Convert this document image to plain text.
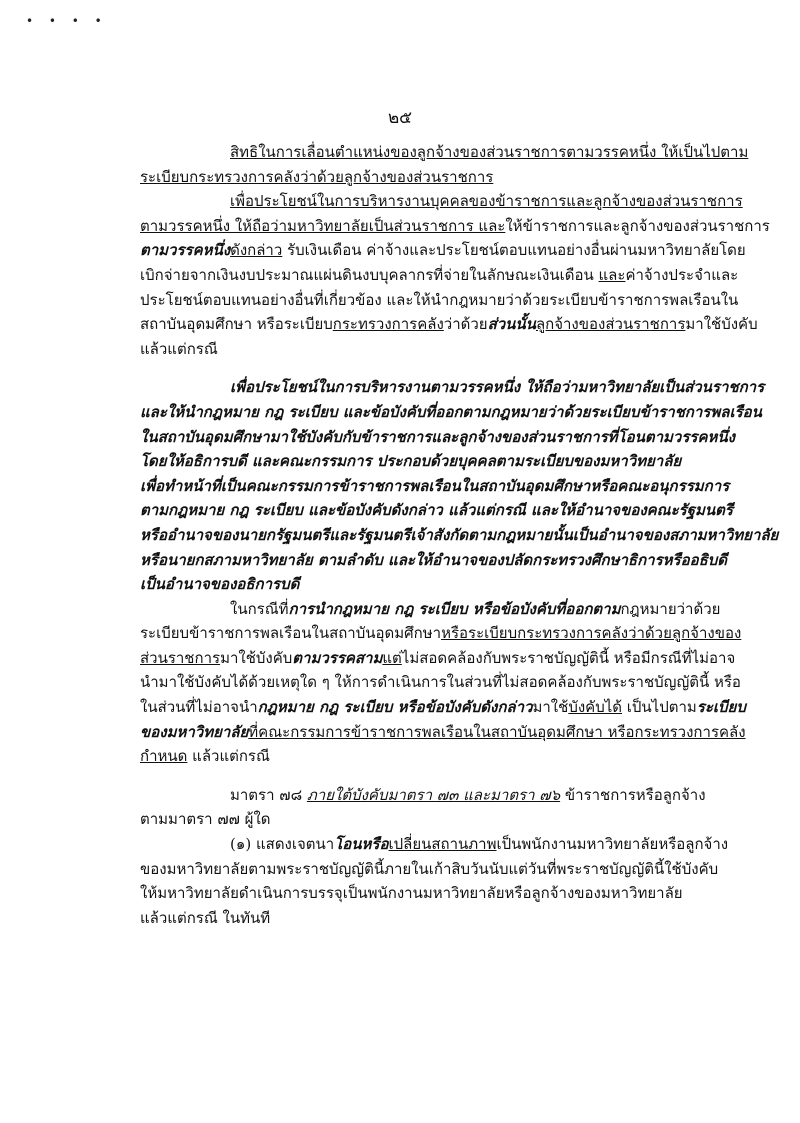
• • • •
๒๕
สิทธิในการเลื่อนตำแหน่งของลูกจ้างของส่วนราชการตามวรรคหนึ่ง ให้เป็นไปตาม
ระเบียบกระทรวงการคลังว่าด้วยลูกจ้างของส่วนราชการ
เพื่อประโยชน์ในการบริหารงานบุคคลของข้าราชการและลูกจ้างของส่วนราชการ
ตามวรรคหนึ่ง ให้ถือว่ามหาวิทยาลัยเป็นส่วนราชการ และให้ข้าราชการและลูกจ้างของส่วนราชการ
ตามวรรคหนึ่งดังกล่าว รับเงินเดือน ค่าจ้างและประโยชน์ตอบแทนอย่างอื่นผ่านมหาวิทยาลัยโดย
เบิกจ่ายจากเงินงบประมาณแผ่นดินงบบุคลากรที่จ่ายในลักษณะเงินเดือน และค่าจ้างประจำและ
ประโยชน์ตอบแทนอย่างอื่นที่เกี่ยวข้อง และให้นำกฎหมายว่าด้วยระเบียบข้าราชการพลเรือนใน
สถาบันอุดมศึกษา หรือระเบียบกระทรวงการคลังว่าด้วยส่วนนั้นลูกจ้างของส่วนราชการมาใช้บังคับ
แล้วแต่กรณี
เพื่อประโยชน์ในการบริหารงานตามวรรคหนึ่ง ให้ถือว่ามหาวิทยาลัยเป็นส่วนราชการ
และให้นำกฎหมาย กฎ ระเบียบ และข้อบังคับที่ออกตามกฎหมายว่าด้วยระเบียบข้าราชการพลเรือน
ในสถาบันอุดมศึกษามาใช้บังคับกับข้าราชการและลูกจ้างของส่วนราชการที่โอนตามวรรคหนึ่ง
โดยให้อธิการบดี และคณะกรรมการ ประกอบด้วยบุคคลตามระเบียบของมหาวิทยาลัย
เพื่อทำหน้าที่เป็นคณะกรรมการข้าราชการพลเรือนในสถาบันอุดมศึกษาหรือคณะอนุกรรมการ
ตามกฎหมาย กฎ ระเบียบ และข้อบังคับดังกล่าว แล้วแต่กรณี และให้อำนาจของคณะรัฐมนตรี
หรืออำนาจของนายกรัฐมนตรีและรัฐมนตรีเจ้าสังกัดตามกฎหมายนั้นเป็นอำนาจของสภามหาวิทยาลัย
หรือนายกสภามหาวิทยาลัย ตามลำดับ และให้อำนาจของปลัดกระทรวงศึกษาธิการหรืออธิบดี
เป็นอำนาจของอธิการบดี
ในกรณีที่การนำกฎหมาย กฎ ระเบียบ หรือข้อบังคับที่ออกตามกฎหมายว่าด้วย
ระเบียบข้าราชการพลเรือนในสถาบันอุดมศึกษาหรือระเบียบกระทรวงการคลังว่าด้วยลูกจ้างของ
ส่วนราชการมาใช้บังคับตามวรรคสามแต่ไม่สอดคล้องกับพระราชบัญญัตินี้ หรือมีกรณีที่ไม่อาจ
นำมาใช้บังคับได้ด้วยเหตุใด ๆ ให้การดำเนินการในส่วนที่ไม่สอดคล้องกับพระราชบัญญัตินี้ หรือ
ในส่วนที่ไม่อาจนำกฎหมาย กฎ ระเบียบ หรือข้อบังคับดังกล่าวมาใช้บังคับได้ เป็นไปตามระเบียบ
ของมหาวิทยาลัยที่คณะกรรมการข้าราชการพลเรือนในสถาบันอุดมศึกษา หรือกระทรวงการคลัง
กำหนด แล้วแต่กรณี
มาตรา ๗๘ ภายใต้บังคับมาตรา ๗๓ และมาตรา ๗๖ ข้าราชการหรือลูกจ้าง
ตามมาตรา ๗๗ ผู้ใด
(๑) แสดงเจตนาโอนหรือเปลี่ยนสถานภาพเป็นพนักงานมหาวิทยาลัยหรือลูกจ้าง
ของมหาวิทยาลัยตามพระราชบัญญัตินี้ภายในเก้าสิบวันนับแต่วันที่พระราชบัญญัตินี้ใช้บังคับ
ให้มหาวิทยาลัยดำเนินการบรรจุเป็นพนักงานมหาวิทยาลัยหรือลูกจ้างของมหาวิทยาลัย
แล้วแต่กรณี ในทันที
